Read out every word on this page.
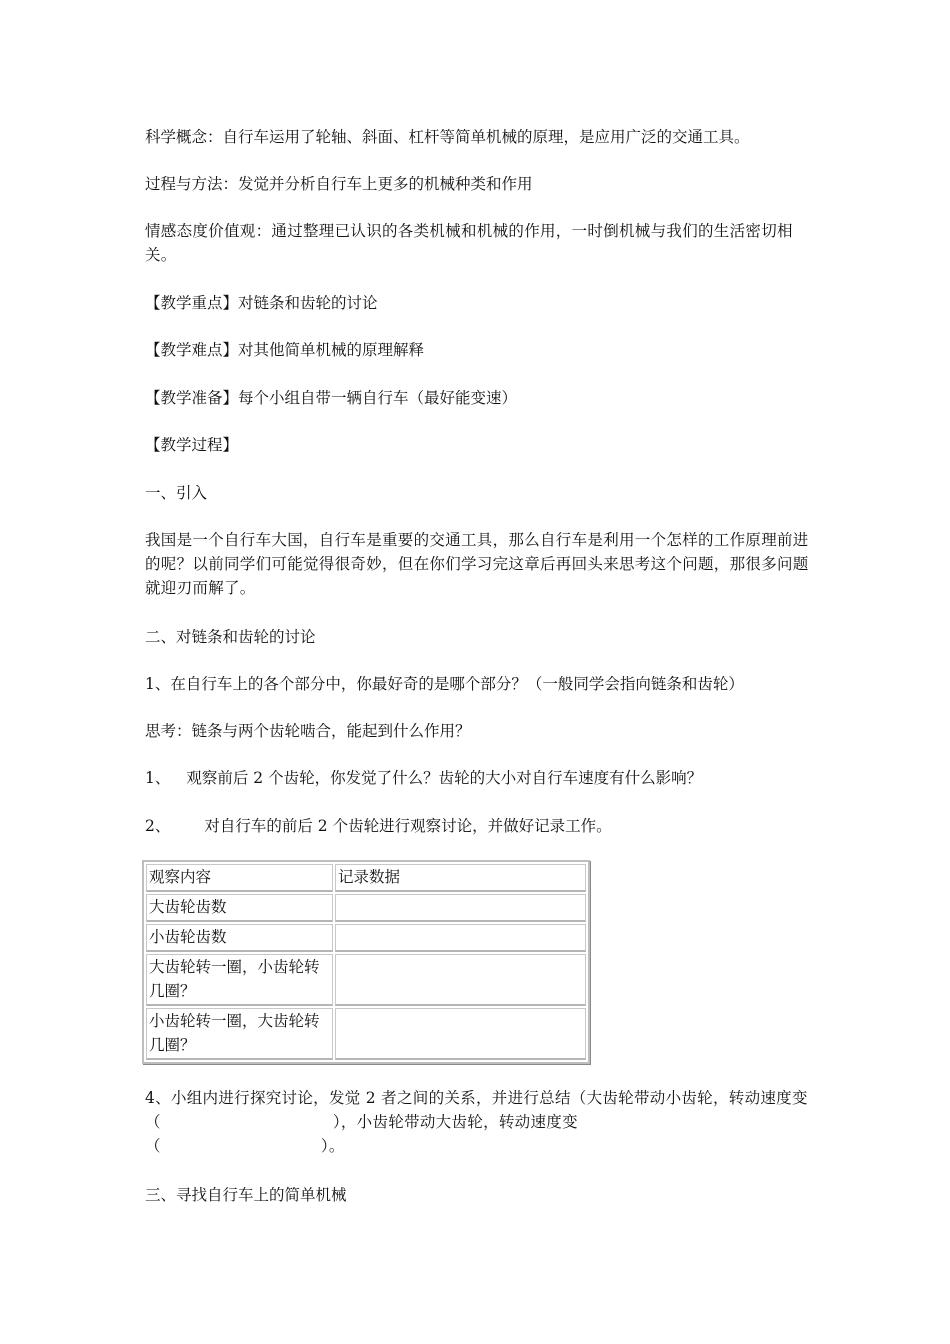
科学概念：自行车运用了轮轴、斜面、杠杆等简单机械的原理，是应用广泛的交通工具。
过程与方法：发觉并分析自行车上更多的机械种类和作用
情感态度价值观：通过整理已认识的各类机械和机械的作用，一时倒机械与我们的生活密切相关。
【教学重点】对链条和齿轮的讨论
【教学难点】对其他简单机械的原理解释
【教学准备】每个小组自带一辆自行车（最好能变速）
【教学过程】
一、引入
我国是一个自行车大国，自行车是重要的交通工具，那么自行车是利用一个怎样的工作原理前进的呢？以前同学们可能觉得很奇妙，但在你们学习完这章后再回头来思考这个问题，那很多问题就迎刃而解了。
二、对链条和齿轮的讨论
1、在自行车上的各个部分中，你最好奇的是哪个部分？（一般同学会指向链条和齿轮）
思考：链条与两个齿轮啮合，能起到什么作用？
1、 观察前后 2 个齿轮，你发觉了什么？齿轮的大小对自行车速度有什么影响？
2、 对自行车的前后 2 个齿轮进行观察讨论，并做好记录工作。
观察内容	记录数据
大齿轮齿数	
小齿轮齿数	
大齿轮转一圈，小齿轮转几圈？	
小齿轮转一圈，大齿轮转几圈？	
4、小组内进行探究讨论，发觉 2 者之间的关系，并进行总结（大齿轮带动小齿轮，转动速度变（	），小齿轮带动大齿轮，转动速度变
（	）。
三、寻找自行车上的简单机械
